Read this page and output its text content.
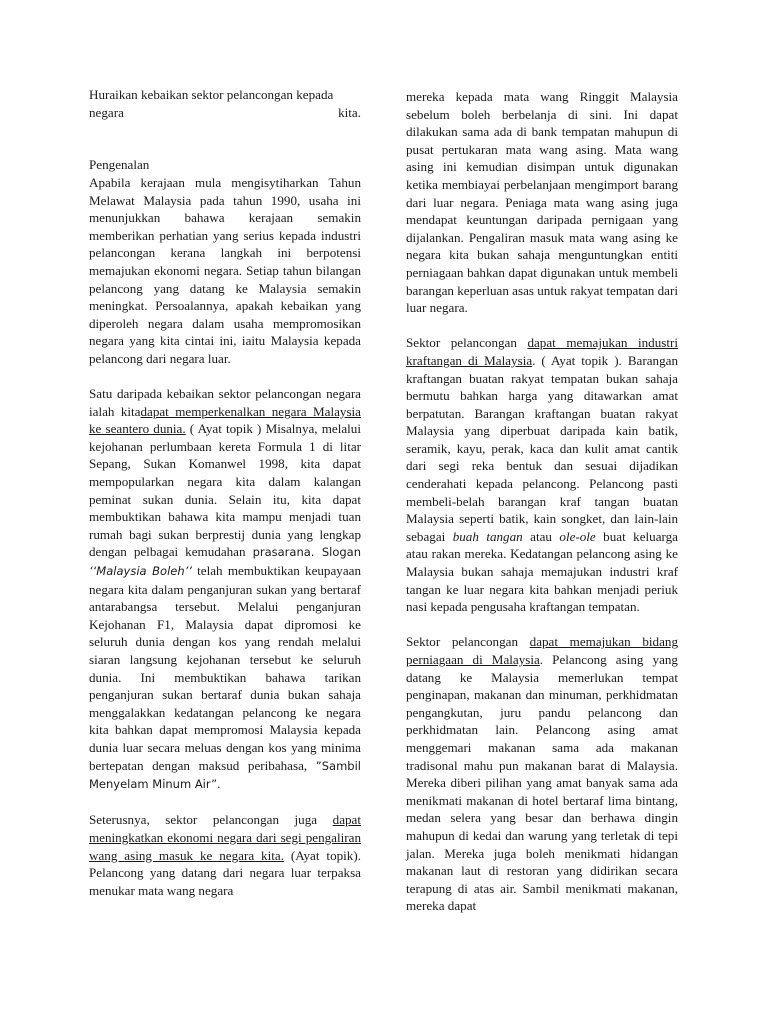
Huraikan kebaikan sektor pelancongan kepada

negara	kita.

Pengenalan

Apabila kerajaan mula mengisytiharkan Tahun Melawat Malaysia pada tahun 1990, usaha ini menunjukkan bahawa kerajaan semakin memberikan perhatian yang serius kepada industri pelancongan kerana langkah ini berpotensi memajukan ekonomi negara. Setiap tahun bilangan pelancong yang datang ke Malaysia semakin meningkat. Persoalannya, apakah kebaikan yang diperoleh negara dalam usaha mempromosikan negara yang kita cintai ini, iaitu Malaysia kepada pelancong dari negara luar.

Satu daripada kebaikan sektor pelancongan negara ialah kitadapat memperkenalkan negara Malaysia ke seantero dunia. ( Ayat topik ) Misalnya, melalui kejohanan perlumbaan kereta Formula 1 di litar Sepang, Sukan Komanwel 1998, kita dapat mempopularkan negara kita dalam kalangan peminat sukan dunia. Selain itu, kita dapat membuktikan bahawa kita mampu menjadi tuan rumah bagi sukan berprestij dunia yang lengkap dengan pelbagai kemudahan prasarana. Slogan ‘‘Malaysia Boleh’’ telah membuktikan keupayaan negara kita dalam penganjuran sukan yang bertaraf antarabangsa tersebut. Melalui penganjuran Kejohanan F1, Malaysia dapat dipromosi ke seluruh dunia dengan kos yang rendah melalui siaran langsung kejohanan tersebut ke seluruh dunia. Ini membuktikan bahawa tarikan penganjuran sukan bertaraf dunia bukan sahaja menggalakkan kedatangan pelancong ke negara kita bahkan dapat mempromosi Malaysia kepada dunia luar secara meluas dengan kos yang minima bertepatan dengan maksud peribahasa, ”Sambil Menyelam Minum Air”.

Seterusnya, sektor pelancongan juga dapat meningkatkan ekonomi negara dari segi pengaliran wang asing masuk ke negara kita. (Ayat topik). Pelancong yang datang dari negara luar terpaksa menukar mata wang negara

mereka kepada mata wang Ringgit Malaysia sebelum boleh berbelanja di sini. Ini dapat dilakukan sama ada di bank tempatan mahupun di pusat pertukaran mata wang asing. Mata wang asing ini kemudian disimpan untuk digunakan ketika membiayai perbelanjaan mengimport barang dari luar negara. Peniaga mata wang asing juga mendapat keuntungan daripada pernigaan yang dijalankan. Pengaliran masuk mata wang asing ke negara kita bukan sahaja menguntungkan entiti perniagaan bahkan dapat digunakan untuk membeli barangan keperluan asas untuk rakyat tempatan dari luar negara.

Sektor pelancongan dapat memajukan industri kraftangan di Malaysia. ( Ayat topik ). Barangan kraftangan buatan rakyat tempatan bukan sahaja bermutu bahkan harga yang ditawarkan amat berpatutan. Barangan kraftangan buatan rakyat Malaysia yang diperbuat daripada kain batik, seramik, kayu, perak, kaca dan kulit amat cantik dari segi reka bentuk dan sesuai dijadikan cenderahati kepada pelancong. Pelancong pasti membeli-belah barangan kraf tangan buatan Malaysia seperti batik, kain songket, dan lain-lain sebagai buah tangan atau ole-ole buat keluarga atau rakan mereka. Kedatangan pelancong asing ke Malaysia bukan sahaja memajukan industri kraf tangan ke luar negara kita bahkan menjadi periuk nasi kepada pengusaha kraftangan tempatan.

Sektor pelancongan dapat memajukan bidang perniagaan di Malaysia. Pelancong asing yang datang ke Malaysia memerlukan tempat penginapan, makanan dan minuman, perkhidmatan pengangkutan, juru pandu pelancong dan perkhidmatan lain. Pelancong asing amat menggemari makanan sama ada makanan tradisonal mahu pun makanan barat di Malaysia. Mereka diberi pilihan yang amat banyak sama ada menikmati makanan di hotel bertaraf lima bintang, medan selera yang besar dan berhawa dingin mahupun di kedai dan warung yang terletak di tepi jalan. Mereka juga boleh menikmati hidangan makanan laut di restoran yang didirikan secara terapung di atas air. Sambil menikmati makanan, mereka dapat
